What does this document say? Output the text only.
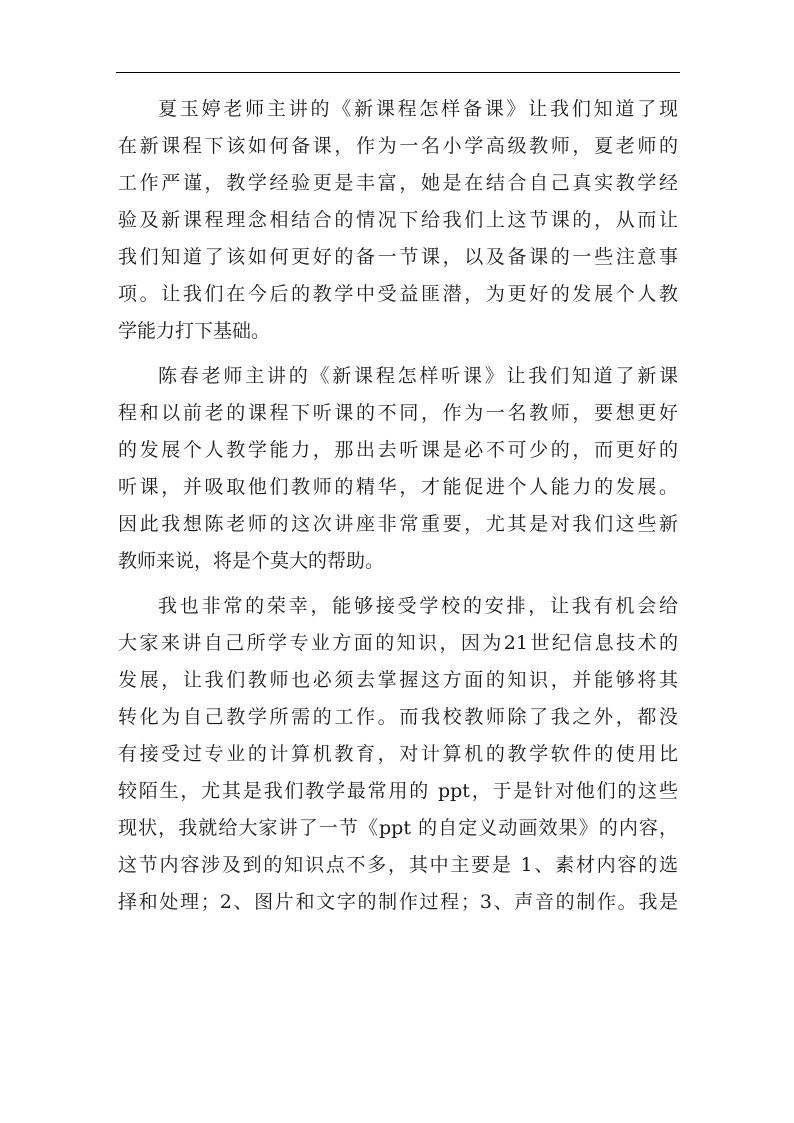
夏玉婷老师主讲的《新课程怎样备课》让我们知道了现
在新课程下该如何备课，作为一名小学高级教师，夏老师的
工作严谨，教学经验更是丰富，她是在结合自己真实教学经
验及新课程理念相结合的情况下给我们上这节课的，从而让
我们知道了该如何更好的备一节课，以及备课的一些注意事
项。让我们在今后的教学中受益匪潜，为更好的发展个人教
学能力打下基础。

陈春老师主讲的《新课程怎样听课》让我们知道了新课
程和以前老的课程下听课的不同，作为一名教师，要想更好
的发展个人教学能力，那出去听课是必不可少的，而更好的
听课，并吸取他们教师的精华，才能促进个人能力的发展。
因此我想陈老师的这次讲座非常重要，尤其是对我们这些新
教师来说，将是个莫大的帮助。

我也非常的荣幸，能够接受学校的安排，让我有机会给
大家来讲自己所学专业方面的知识，因为21世纪信息技术的
发展，让我们教师也必须去掌握这方面的知识，并能够将其
转化为自己教学所需的工作。而我校教师除了我之外，都没
有接受过专业的计算机教育，对计算机的教学软件的使用比
较陌生，尤其是我们教学最常用的 ppt，于是针对他们的这些
现状，我就给大家讲了一节《ppt 的自定义动画效果》的内容，
这节内容涉及到的知识点不多，其中主要是 1、素材内容的选
择和处理；2、图片和文字的制作过程；3、声音的制作。我是
